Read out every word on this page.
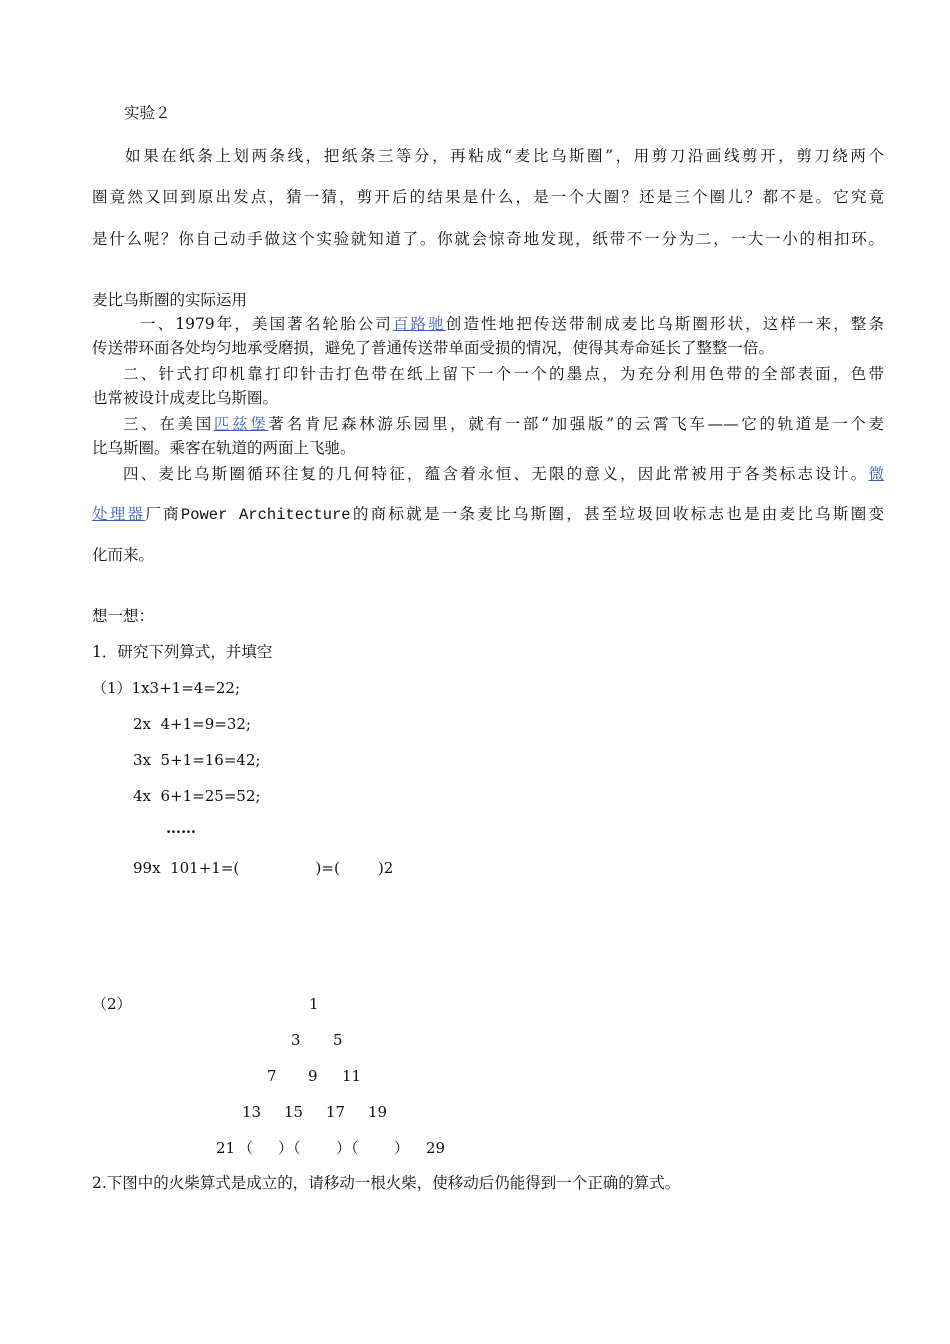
实验２
如果在纸条上划两条线，把纸条三等分，再粘成“麦比乌斯圈”，用剪刀沿画线剪开，剪刀绕两个
圈竟然又回到原出发点，猜一猜，剪开后的结果是什么，是一个大圈？还是三个圈儿？都不是。它究竟
是什么呢？你自己动手做这个实验就知道了。你就会惊奇地发现，纸带不一分为二，一大一小的相扣环。
麦比乌斯圈的实际运用
一、1979年，美国著名轮胎公司百路驰创造性地把传送带制成麦比乌斯圈形状，这样一来，整条
传送带环面各处均匀地承受磨损，避免了普通传送带单面受损的情况，使得其寿命延长了整整一倍。
二、针式打印机靠打印针击打色带在纸上留下一个一个的墨点，为充分利用色带的全部表面，色带
也常被设计成麦比乌斯圈。
三、在美国匹兹堡著名肯尼森林游乐园里，就有一部“加强版”的云霄飞车——它的轨道是一个麦
比乌斯圈。乘客在轨道的两面上飞驰。
四、麦比乌斯圈循环往复的几何特征，蕴含着永恒、无限的意义，因此常被用于各类标志设计。微
处理器厂商Power Architecture的商标就是一条麦比乌斯圈，甚至垃圾回收标志也是由麦比乌斯圈变
化而来。
想一想：
1．研究下列算式，并填空
（1）1x3+1=4=22;
2x  4+1=9=32;
3x  5+1=16=42;
4x  6+1=25=52;
……
99x  101+1=(                )=(        )2
（2）	1
3 5
7 9 11
13 15 17 19
21 （ ）（ ）（ ） 29
2.下图中的火柴算式是成立的，请移动一根火柴，使移动后仍能得到一个正确的算式。
